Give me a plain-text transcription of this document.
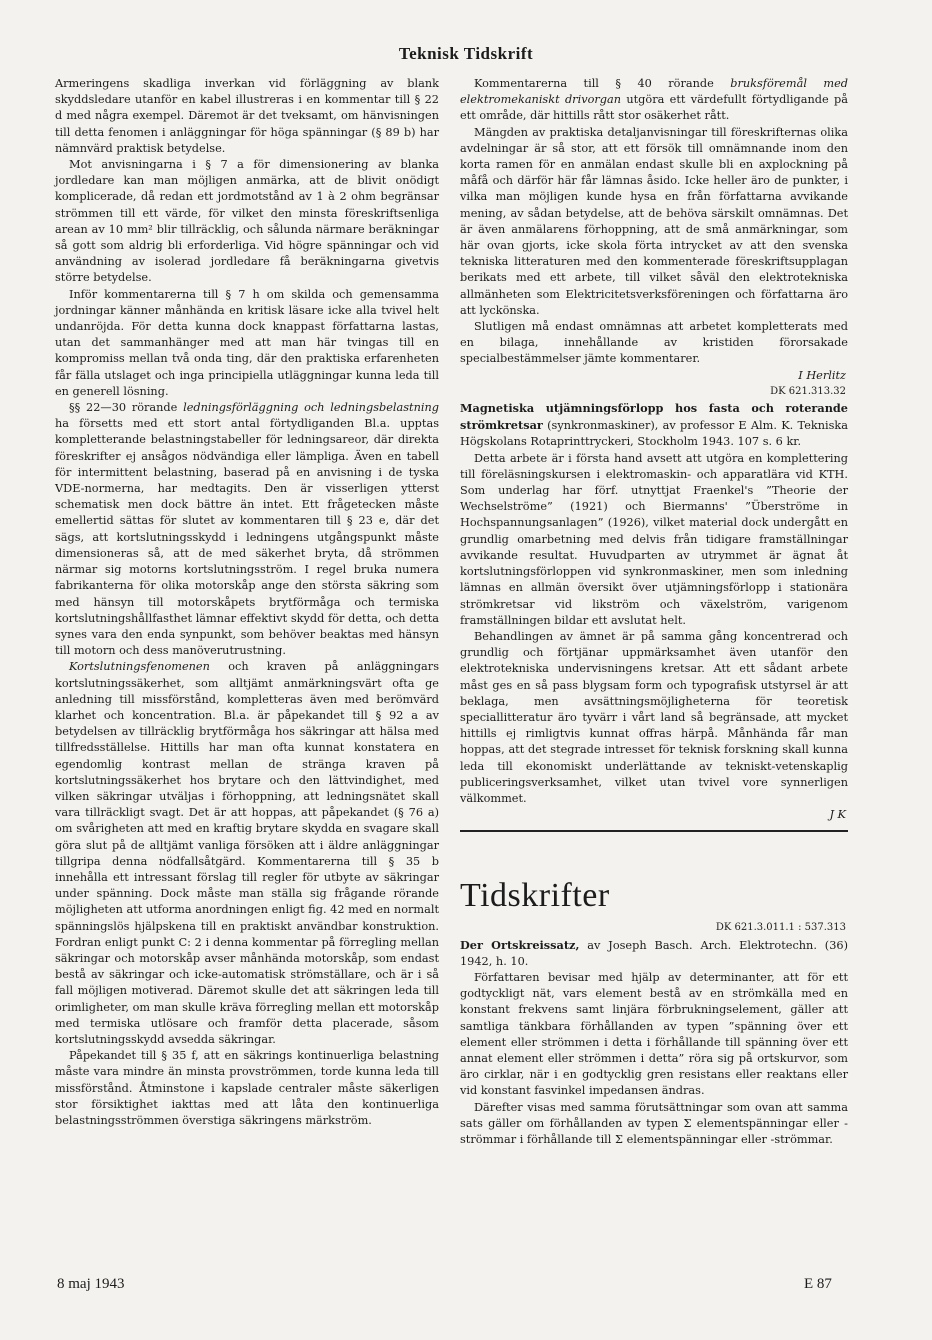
Teknisk Tidskrift

Armeringens skadliga inverkan vid förläggning av blank skyddsledare utanför en kabel illustreras i en kommentar till § 22 d med några exempel. Däremot är det tveksamt, om hänvisningen till detta fenomen i anläggningar för höga spänningar (§ 89 b) har nämnvärd praktisk betydelse.

Mot anvisningarna i § 7 a för dimensionering av blanka jordledare kan man möjligen anmärka, att de blivit onödigt komplicerade, då redan ett jordmotstånd av 1 à 2 ohm begränsar strömmen till ett värde, för vilket den minsta föreskriftsenliga arean av 10 mm² blir tillräcklig, och sålunda närmare beräkningar så gott som aldrig bli erforderliga. Vid högre spänningar och vid användning av isolerad jordledare få beräkningarna givetvis större betydelse.

Inför kommentarerna till § 7 h om skilda och gemensamma jordningar känner månhända en kritisk läsare icke alla tvivel helt undanröjda. För detta kunna dock knappast författarna lastas, utan det sammanhänger med att man här tvingas till en kompromiss mellan två onda ting, där den praktiska erfarenheten får fälla utslaget och inga principiella utläggningar kunna leda till en generell lösning.

§§ 22—30 rörande ledningsförläggning och ledningsbelastning ha försetts med ett stort antal förtydliganden Bl.a. upptas kompletterande belastningstabeller för ledningsareor, där direkta föreskrifter ej ansågos nödvändiga eller lämpliga. Även en tabell för intermittent belastning, baserad på en anvisning i de tyska VDE-normerna, har medtagits. Den är visserligen ytterst schematisk men dock bättre än intet. Ett frågetecken måste emellertid sättas för slutet av kommentaren till § 23 e, där det sägs, att kortslutningsskydd i ledningens utgångspunkt måste dimensioneras så, att de med säkerhet bryta, då strömmen närmar sig motorns kortslutningsström. I regel bruka numera fabrikanterna för olika motorskåp ange den största säkring som med hänsyn till motorskåpets brytförmåga och termiska kortslutningshållfasthet lämnar effektivt skydd för detta, och detta synes vara den enda synpunkt, som behöver beaktas med hänsyn till motorn och dess manöverutrustning.

Kortslutningsfenomenen och kraven på anläggningars kortslutningssäkerhet, som alltjämt anmärkningsvärt ofta ge anledning till missförstånd, kompletteras även med berömvärd klarhet och koncentration. Bl.a. är påpekandet till § 92 a av betydelsen av tillräcklig brytförmåga hos säkringar att hälsa med tillfredsställelse. Hittills har man ofta kunnat konstatera en egendomlig kontrast mellan de stränga kraven på kortslutningssäkerhet hos brytare och den lättvindighet, med vilken säkringar utväljas i förhoppning, att ledningsnätet skall vara tillräckligt svagt. Det är att hoppas, att påpekandet (§ 76 a) om svårigheten att med en kraftig brytare skydda en svagare skall göra slut på de alltjämt vanliga försöken att i äldre anläggningar tillgripa denna nödfallsåtgärd. Kommentarerna till § 35 b innehålla ett intressant förslag till regler för utbyte av säkringar under spänning. Dock måste man ställa sig frågande rörande möjligheten att utforma anordningen enligt fig. 42 med en normalt spänningslös hjälpskena till en praktiskt användbar konstruktion. Fordran enligt punkt C: 2 i denna kommentar på förregling mellan säkringar och motorskåp avser månhända motorskåp, som endast bestå av säkringar och icke-automatisk strömställare, och är i så fall möjligen motiverad. Däremot skulle det att säkringen leda till orimligheter, om man skulle kräva förregling mellan ett motorskåp med termiska utlösare och framför detta placerade, såsom kortslutningsskydd avsedda säkringar.

Påpekandet till § 35 f, att en säkrings kontinuerliga belastning måste vara mindre än minsta provströmmen, torde kunna leda till missförstånd. Åtminstone i kapslade centraler måste säkerligen stor försiktighet iakttas med att låta den kontinuerliga belastningsströmmen överstiga säkringens märkström.

Kommentarerna till § 40 rörande bruksföremål med elektromekaniskt drivorgan utgöra ett värdefullt förtydligande på ett område, där hittills rått stor osäkerhet rått.

Mängden av praktiska detaljanvisningar till föreskrifternas olika avdelningar är så stor, att ett försök till omnämnande inom den korta ramen för en anmälan endast skulle bli en axplockning på måfå och därför här får lämnas åsido. Icke heller äro de punkter, i vilka man möjligen kunde hysa en från författarna avvikande mening, av sådan betydelse, att de behöva särskilt omnämnas. Det är även anmälarens förhoppning, att de små anmärkningar, som här ovan gjorts, icke skola förta intrycket av att den svenska tekniska litteraturen med den kommenterade föreskriftsupplagan berikats med ett arbete, till vilket såväl den elektrotekniska allmänheten som Elektricitetsverksföreningen och författarna äro att lyckönska.

Slutligen må endast omnämnas att arbetet kompletterats med en bilaga, innehållande av kristiden förorsakade specialbestämmelser jämte kommentarer.

I Herlitz
DK 621.313.32

Magnetiska utjämningsförlopp hos fasta och roterande strömkretsar (synkronmaskiner), av professor E Alm. K. Tekniska Högskolans Rotaprinttryckeri, Stockholm 1943. 107 s. 6 kr.

Detta arbete är i första hand avsett att utgöra en komplettering till föreläsningskursen i elektromaskin- och apparatlära vid KTH. Som underlag har förf. utnyttjat Fraenkel's ”Theorie der Wechselströme” (1921) och Biermanns' ”Überströme in Hochspannungsanlagen” (1926), vilket material dock undergått en grundlig omarbetning med delvis från tidigare framställningar avvikande resultat. Huvudparten av utrymmet är ägnat åt kortslutningsförloppen vid synkronmaskiner, men som inledning lämnas en allmän översikt över utjämningsförlopp i stationära strömkretsar vid likström och växelström, varigenom framställningen bildar ett avslutat helt.

Behandlingen av ämnet är på samma gång koncentrerad och grundlig och förtjänar uppmärksamhet även utanför den elektrotekniska undervisningens kretsar. Att ett sådant arbete måst ges en så pass blygsam form och typografisk utstyrsel är att beklaga, men avsättningsmöjligheterna för teoretisk speciallitteratur äro tyvärr i vårt land så begränsade, att mycket hittills ej rimligtvis kunnat offras härpå. Månhända får man hoppas, att det stegrade intresset för teknisk forskning skall kunna leda till ekonomiskt underlättande av tekniskt-vetenskaplig publiceringsverksamhet, vilket utan tvivel vore synnerligen välkommet.

J K
Tidskrifter
DK 621.3.011.1 : 537.313

Der Ortskreissatz, av Joseph Basch. Arch. Elektrotechn. (36) 1942, h. 10.

Författaren bevisar med hjälp av determinanter, att för ett godtyckligt nät, vars element bestå av en strömkälla med en konstant frekvens samt linjära förbrukningselement, gäller att samtliga tänkbara förhållanden av typen ”spänning över ett element eller strömmen i detta i förhållande till spänning över ett annat element eller strömmen i detta” röra sig på ortskurvor, som äro cirklar, när i en godtycklig gren resistans eller reaktans eller vid konstant fasvinkel impedansen ändras.

Därefter visas med samma förutsättningar som ovan att samma sats gäller om förhållanden av typen Σ elementspänningar eller -strömmar i förhållande till Σ elementspänningar eller -strömmar.

8 maj 1943	E 87
